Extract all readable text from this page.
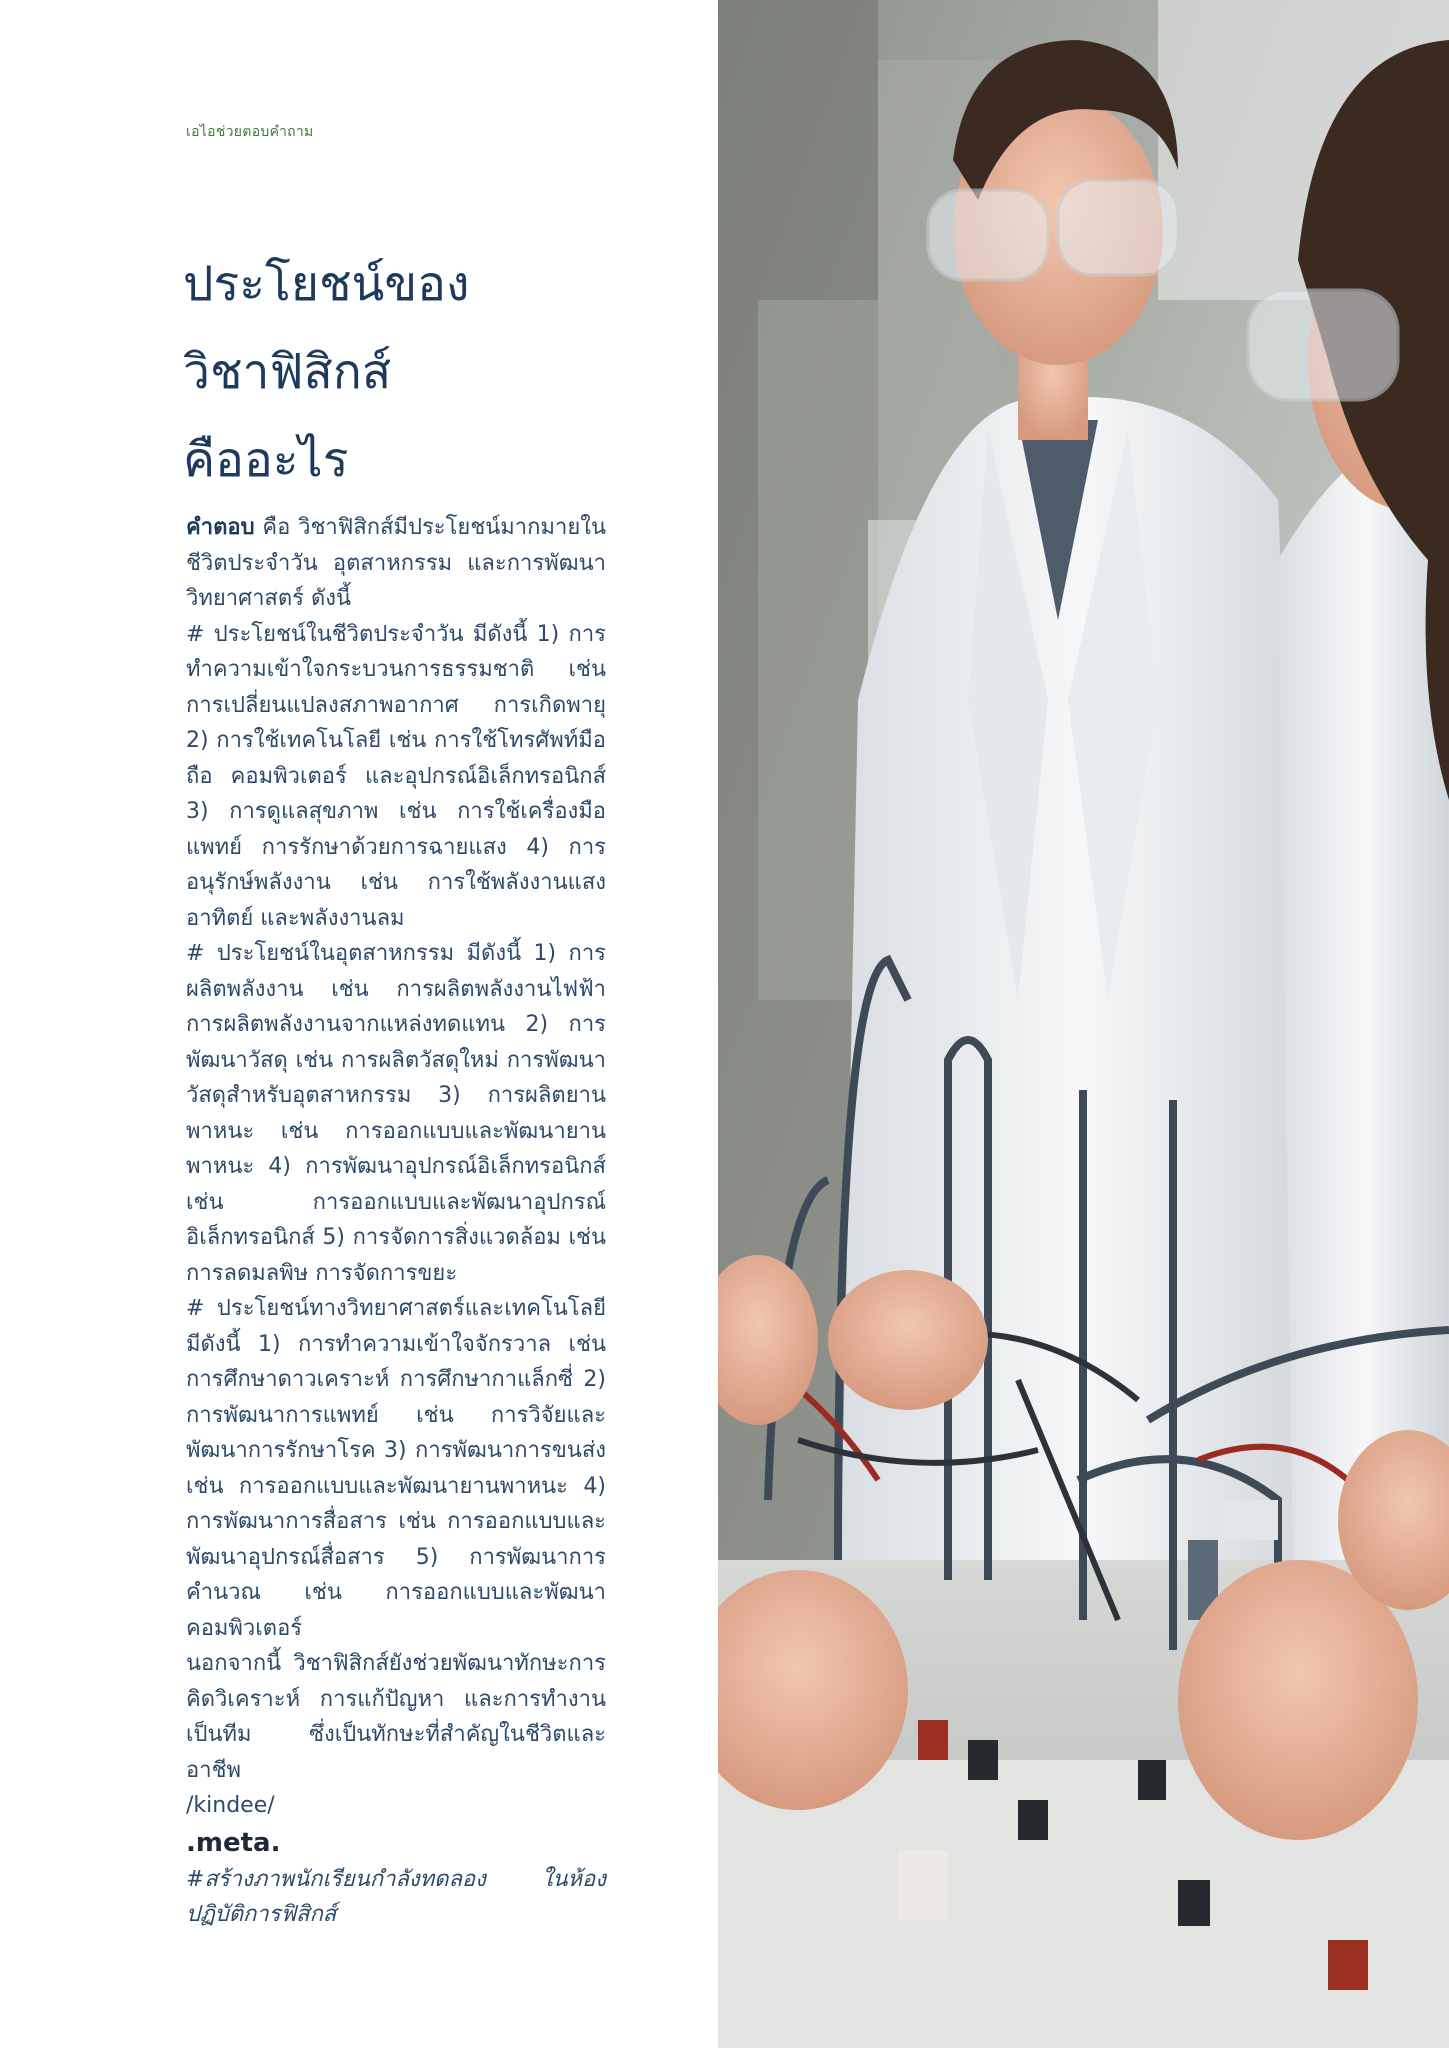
เอไอช่วยตอบคำถาม
ประโยชน์ของ
วิชาฟิสิกส์
คืออะไร

คำตอบ คือ วิชาฟิสิกส์มีประโยชน์มากมายในชีวิตประจำวัน อุตสาหกรรม และการพัฒนาวิทยาศาสตร์ ดังนี้

# ประโยชน์ในชีวิตประจำวัน มีดังนี้ 1) การทำความเข้าใจกระบวนการธรรมชาติ เช่น การเปลี่ยนแปลงสภาพอากาศ การเกิดพายุ 2) การใช้เทคโนโลยี เช่น การใช้โทรศัพท์มือถือ คอมพิวเตอร์ และอุปกรณ์อิเล็กทรอนิกส์ 3) การดูแลสุขภาพ เช่น การใช้เครื่องมือแพทย์ การรักษาด้วยการฉายแสง 4) การอนุรักษ์พลังงาน เช่น การใช้พลังงานแสงอาทิตย์ และพลังงานลม

# ประโยชน์ในอุตสาหกรรม มีดังนี้ 1) การผลิตพลังงาน เช่น การผลิตพลังงานไฟฟ้า การผลิตพลังงานจากแหล่งทดแทน 2) การพัฒนาวัสดุ เช่น การผลิตวัสดุใหม่ การพัฒนาวัสดุสำหรับอุตสาหกรรม 3) การผลิตยานพาหนะ เช่น การออกแบบและพัฒนายานพาหนะ 4) การพัฒนาอุปกรณ์อิเล็กทรอนิกส์ เช่น การออกแบบและพัฒนาอุปกรณ์อิเล็กทรอนิกส์ 5) การจัดการสิ่งแวดล้อม เช่น การลดมลพิษ การจัดการขยะ

# ประโยชน์ทางวิทยาศาสตร์และเทคโนโลยี มีดังนี้ 1) การทำความเข้าใจจักรวาล เช่น การศึกษาดาวเคราะห์ การศึกษากาแล็กซี่ 2) การพัฒนาการแพทย์ เช่น การวิจัยและพัฒนาการรักษาโรค 3) การพัฒนาการขนส่ง เช่น การออกแบบและพัฒนายานพาหนะ 4) การพัฒนาการสื่อสาร เช่น การออกแบบและพัฒนาอุปกรณ์สื่อสาร 5) การพัฒนาการคำนวณ เช่น การออกแบบและพัฒนาคอมพิวเตอร์

นอกจากนี้ วิชาฟิสิกส์ยังช่วยพัฒนาทักษะการคิดวิเคราะห์ การแก้ปัญหา และการทำงานเป็นทีม ซึ่งเป็นทักษะที่สำคัญในชีวิตและอาชีพ

/kindee/

.meta.

#สร้างภาพนักเรียนกำลังทดลอง ในห้องปฏิบัติการฟิสิกส์
